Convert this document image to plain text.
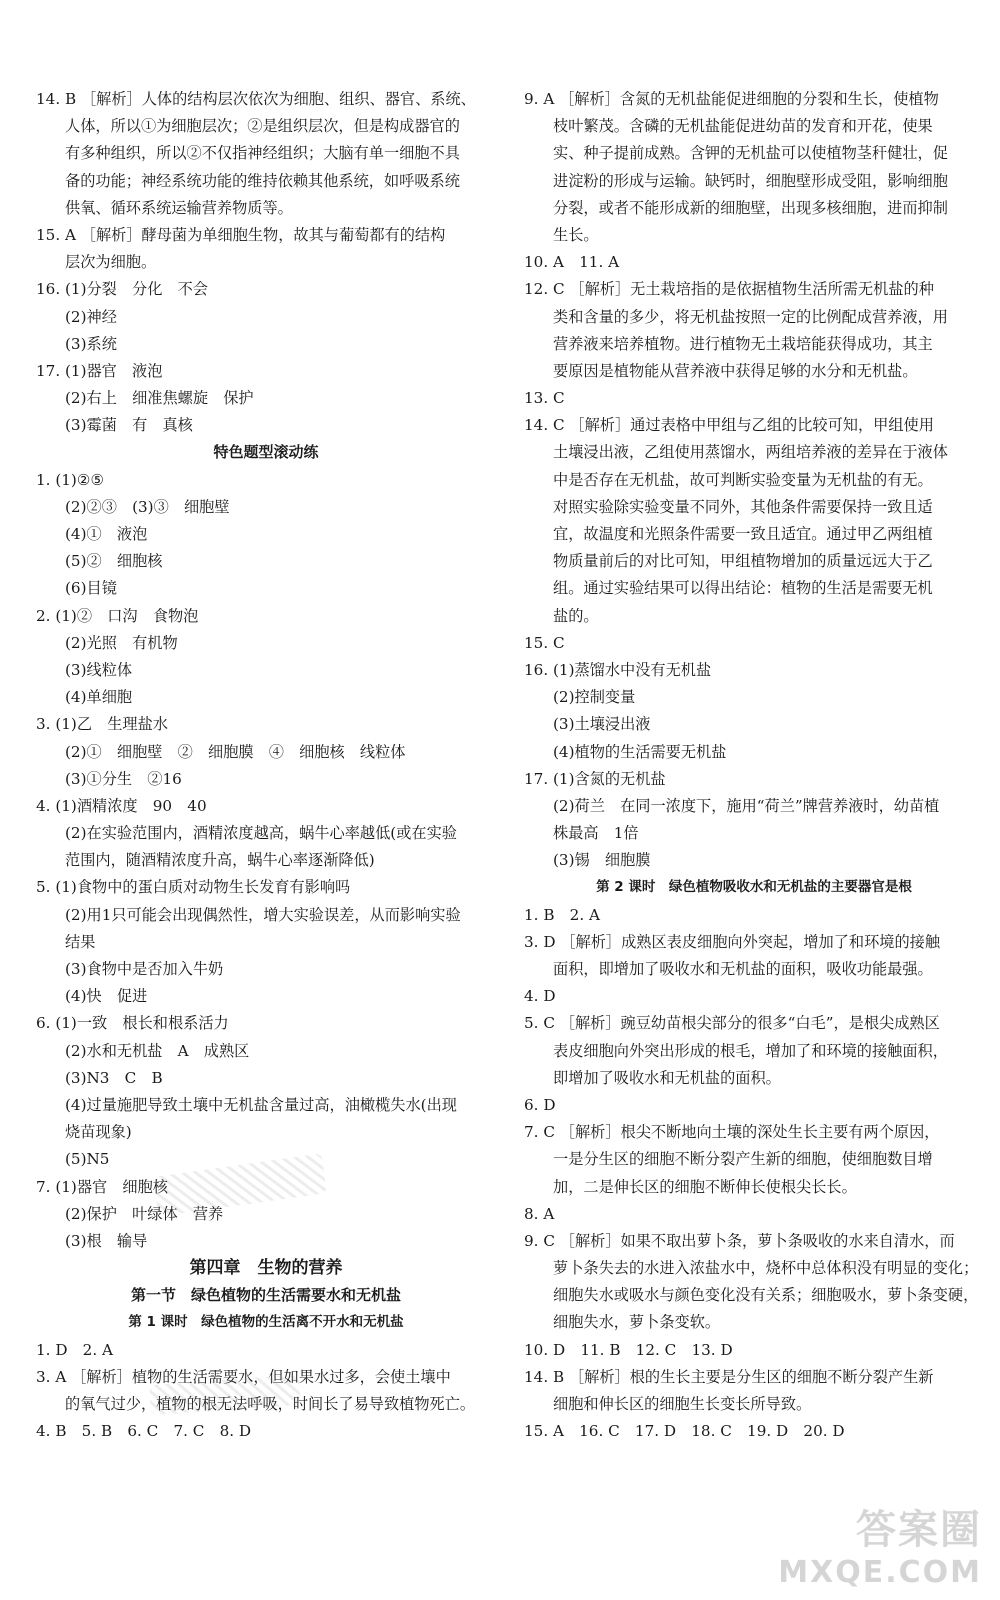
14. B ［解析］人体的结构层次依次为细胞、组织、器官、系统、
人体，所以①为细胞层次；②是组织层次，但是构成器官的
有多种组织，所以②不仅指神经组织；大脑有单一细胞不具
备的功能；神经系统功能的维持依赖其他系统，如呼吸系统
供氧、循环系统运输营养物质等。
15. A ［解析］酵母菌为单细胞生物，故其与葡萄都有的结构
层次为细胞。
16. (1)分裂　分化　不会
(2)神经
(3)系统
17. (1)器官　液泡
(2)右上　细准焦螺旋　保护
(3)霉菌　有　真核
特色题型滚动练
1. (1)②⑤
(2)②③　(3)③　细胞壁
(4)①　液泡
(5)②　细胞核
(6)目镜
2. (1)②　口沟　食物泡
(2)光照　有机物
(3)线粒体
(4)单细胞
3. (1)乙　生理盐水
(2)①　细胞壁　②　细胞膜　④　细胞核　线粒体
(3)①分生　②16
4. (1)酒精浓度　90　40
(2)在实验范围内，酒精浓度越高，蜗牛心率越低(或在实验
范围内，随酒精浓度升高，蜗牛心率逐渐降低)
5. (1)食物中的蛋白质对动物生长发育有影响吗
(2)用1只可能会出现偶然性，增大实验误差，从而影响实验
结果
(3)食物中是否加入牛奶
(4)快　促进
6. (1)一致　根长和根系活力
(2)水和无机盐　A　成熟区
(3)N3　C　B
(4)过量施肥导致土壤中无机盐含量过高，油橄榄失水(出现
烧苗现象)
(5)N5
7. (1)器官　细胞核
(2)保护　叶绿体　营养
(3)根　输导
第四章　生物的营养
第一节　绿色植物的生活需要水和无机盐
第 1 课时　绿色植物的生活离不开水和无机盐
1. D　2. A
3. A ［解析］植物的生活需要水，但如果水过多，会使土壤中
的氧气过少，植物的根无法呼吸，时间长了易导致植物死亡。
4. B　5. B　6. C　7. C　8. D
9. A ［解析］含氮的无机盐能促进细胞的分裂和生长，使植物
枝叶繁茂。含磷的无机盐能促进幼苗的发育和开花，使果
实、种子提前成熟。含钾的无机盐可以使植物茎秆健壮，促
进淀粉的形成与运输。缺钙时，细胞壁形成受阻，影响细胞
分裂，或者不能形成新的细胞壁，出现多核细胞，进而抑制
生长。
10. A　11. A
12. C ［解析］无土栽培指的是依据植物生活所需无机盐的种
类和含量的多少，将无机盐按照一定的比例配成营养液，用
营养液来培养植物。进行植物无土栽培能获得成功，其主
要原因是植物能从营养液中获得足够的水分和无机盐。
13. C
14. C ［解析］通过表格中甲组与乙组的比较可知，甲组使用
土壤浸出液，乙组使用蒸馏水，两组培养液的差异在于液体
中是否存在无机盐，故可判断实验变量为无机盐的有无。
对照实验除实验变量不同外，其他条件需要保持一致且适
宜，故温度和光照条件需要一致且适宜。通过甲乙两组植
物质量前后的对比可知，甲组植物增加的质量远远大于乙
组。通过实验结果可以得出结论：植物的生活是需要无机
盐的。
15. C
16. (1)蒸馏水中没有无机盐
(2)控制变量
(3)土壤浸出液
(4)植物的生活需要无机盐
17. (1)含氮的无机盐
(2)荷兰　在同一浓度下，施用“荷兰”牌营养液时，幼苗植
株最高　1倍
(3)锡　细胞膜
第 2 课时　绿色植物吸收水和无机盐的主要器官是根
1. B　2. A
3. D ［解析］成熟区表皮细胞向外突起，增加了和环境的接触
面积，即增加了吸收水和无机盐的面积，吸收功能最强。
4. D
5. C ［解析］豌豆幼苗根尖部分的很多“白毛”，是根尖成熟区
表皮细胞向外突出形成的根毛，增加了和环境的接触面积，
即增加了吸收水和无机盐的面积。
6. D
7. C ［解析］根尖不断地向土壤的深处生长主要有两个原因，
一是分生区的细胞不断分裂产生新的细胞，使细胞数目增
加，二是伸长区的细胞不断伸长使根尖长长。
8. A
9. C ［解析］如果不取出萝卜条，萝卜条吸收的水来自清水，而
萝卜条失去的水进入浓盐水中，烧杯中总体积没有明显的变化；
细胞失水或吸水与颜色变化没有关系；细胞吸水，萝卜条变硬，
细胞失水，萝卜条变软。
10. D　11. B　12. C　13. D
14. B ［解析］根的生长主要是分生区的细胞不断分裂产生新
细胞和伸长区的细胞生长变长所导致。
15. A　16. C　17. D　18. C　19. D　20. D
答案圈
MXQE.COM
